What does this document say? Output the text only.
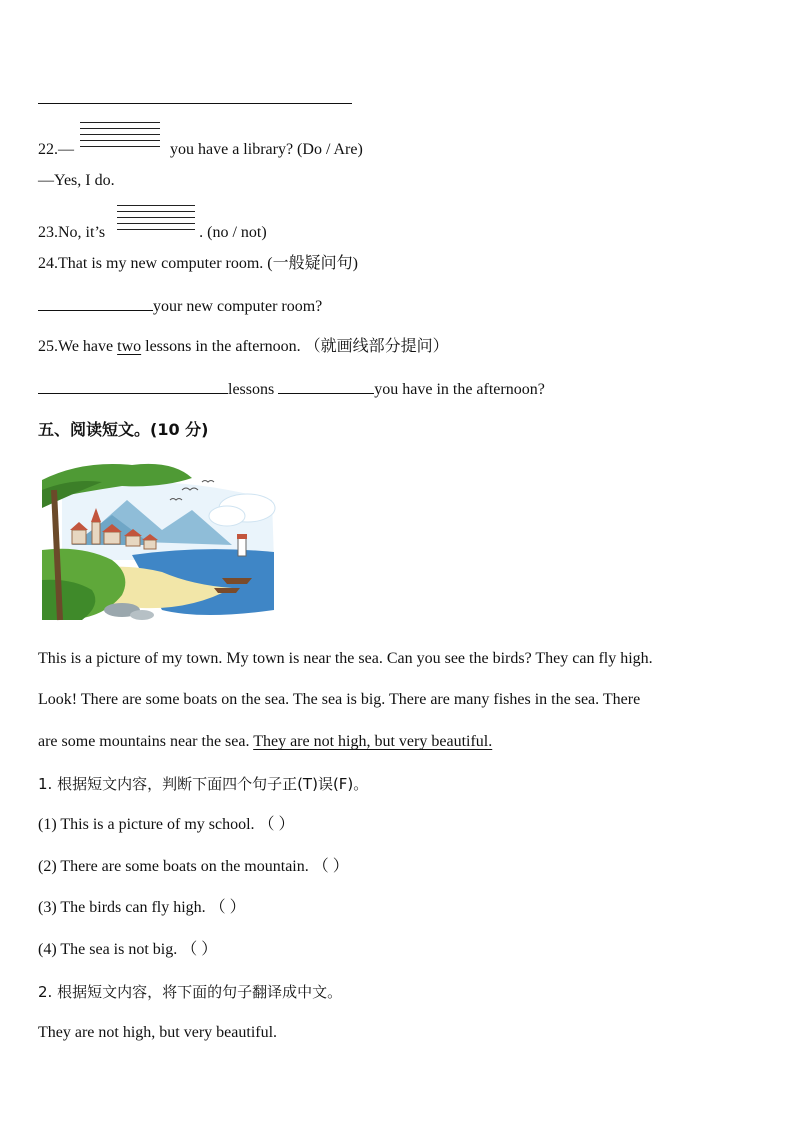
22.—	you have a library? (Do / Are)
—Yes, I do.
23.No, it’s	. (no / not)
24.That is my new computer room. (一般疑问句)
your new computer room?
25.We have two lessons in the afternoon. （就画线部分提问）
lessons	you have in the afternoon?
五、阅读短文。(10 分)
This is a picture of my town. My town is near the sea. Can you see the birds? They can fly high.
Look! There are some boats on the sea. The sea is big. There are many fishes in the sea. There
are some mountains near the sea. They are not high, but very beautiful.
1. 根据短文内容，判断下面四个句子正(T)误(F)。
(1) This is a picture of my school. （ ）
(2) There are some boats on the mountain. （ ）
(3) The birds can fly high. （ ）
(4) The sea is not big. （ ）
2. 根据短文内容，将下面的句子翻译成中文。
They are not high, but very beautiful.
